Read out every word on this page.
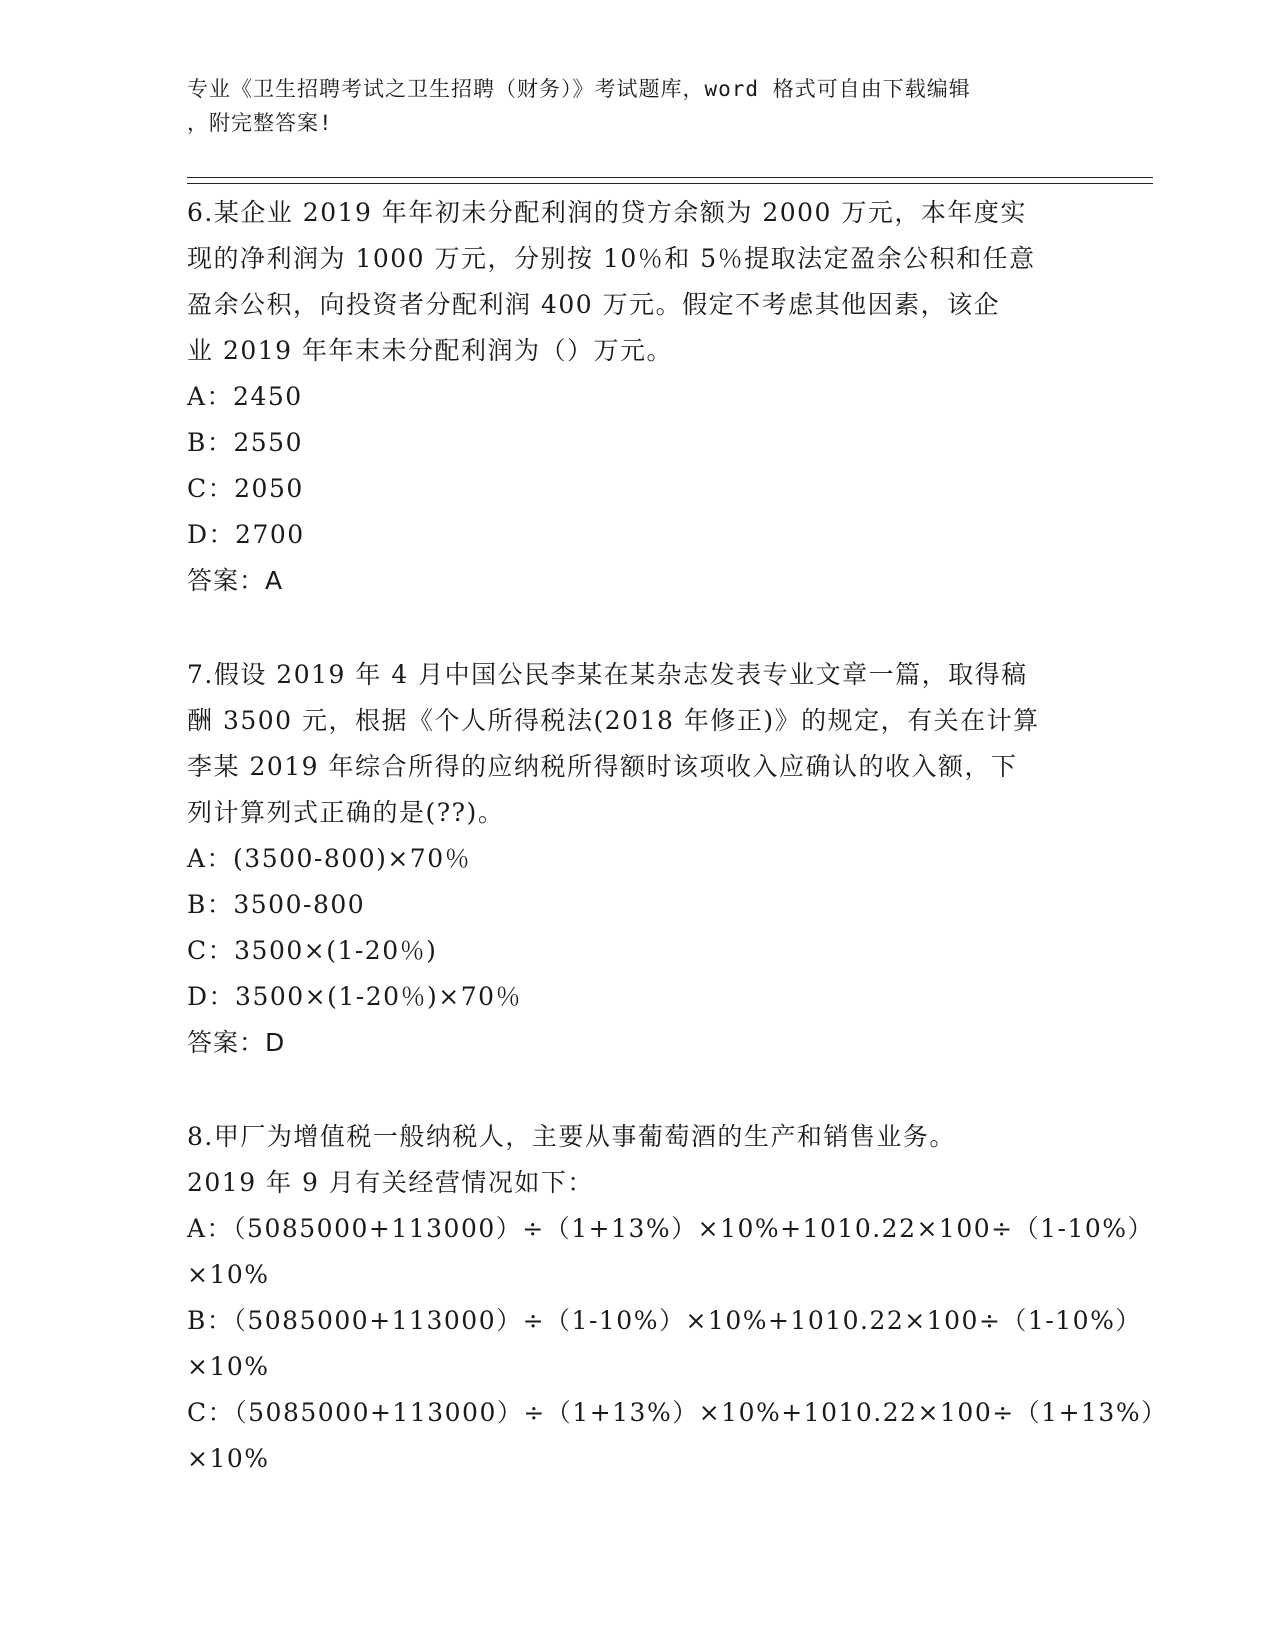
专业《卫生招聘考试之卫生招聘（财务）》考试题库，word 格式可自由下载编辑
，附完整答案!
6.某企业 2019 年年初未分配利润的贷方余额为 2000 万元，本年度实
现的净利润为 1000 万元，分别按 10％和 5％提取法定盈余公积和任意
盈余公积，向投资者分配利润 400 万元。假定不考虑其他因素，该企
业 2019 年年末未分配利润为（）万元。
A：2450
B：2550
C：2050
D：2700
答案：A
7.假设 2019 年 4 月中国公民李某在某杂志发表专业文章一篇，取得稿
酬 3500 元，根据《个人所得税法(2018 年修正)》的规定，有关在计算
李某 2019 年综合所得的应纳税所得额时该项收入应确认的收入额，下
列计算列式正确的是(??)。
A：(3500-800)×70％
B：3500-800
C：3500×(1-20％)
D：3500×(1-20％)×70％
答案：D
8.甲厂为增值税一般纳税人，主要从事葡萄酒的生产和销售业务。
2019 年 9 月有关经营情况如下：
A：（5085000+113000）÷（1+13%）×10%+1010.22×100÷（1-10%）
×10%
B：（5085000+113000）÷（1-10%）×10%+1010.22×100÷（1-10%）
×10%
C：（5085000+113000）÷（1+13%）×10%+1010.22×100÷（1+13%）
×10%
